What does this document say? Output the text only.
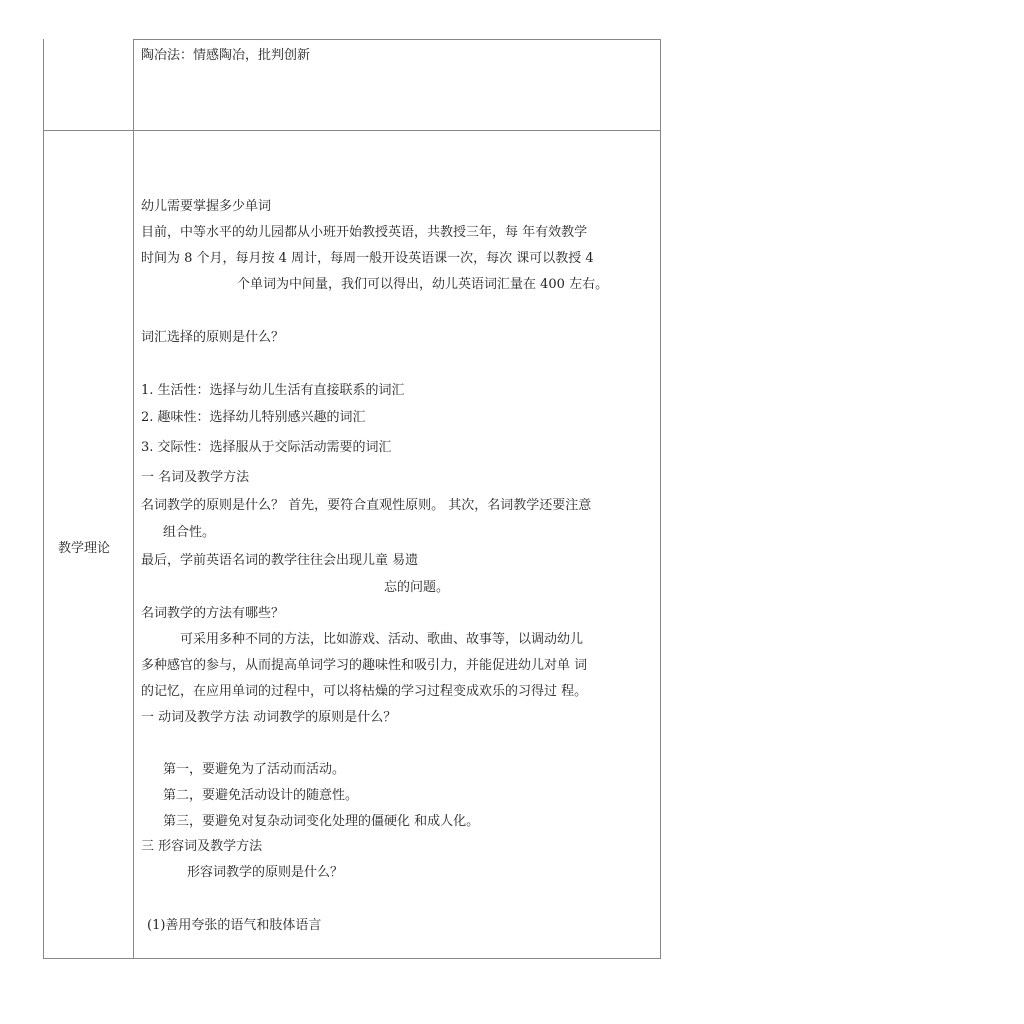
陶冶法：情感陶冶，批判创新
教学理论
幼儿需要掌握多少单词
目前，中等水平的幼儿园都从小班开始教授英语，共教授三年，每 年有效教学
时间为 8 个月，每月按 4 周计，每周一般开设英语课一次，每次 课可以教授 4
个单词为中间量，我们可以得出，幼儿英语词汇量在 400 左右。
词汇选择的原则是什么？
1. 生活性：选择与幼儿生活有直接联系的词汇
2. 趣味性：选择幼儿特别感兴趣的词汇
3. 交际性：选择服从于交际活动需要的词汇
一 名词及教学方法
名词教学的原则是什么？ 首先，要符合直观性原则。 其次，名词教学还要注意
组合性。
最后，学前英语名词的教学往往会出现儿童 易遗
忘的问题。
名词教学的方法有哪些？
可采用多种不同的方法，比如游戏、活动、歌曲、故事等，以调动幼儿
多种感官的参与，从而提高单词学习的趣味性和吸引力，并能促进幼儿对单 词
的记忆，在应用单词的过程中，可以将枯燥的学习过程变成欢乐的习得过 程。
一 动词及教学方法 动词教学的原则是什么？
第一，要避免为了活动而活动。
第二，要避免活动设计的随意性。
第三，要避免对复杂动词变化处理的僵硬化 和成人化。
三 形容词及教学方法
形容词教学的原则是什么？
(1)善用夸张的语气和肢体语言
